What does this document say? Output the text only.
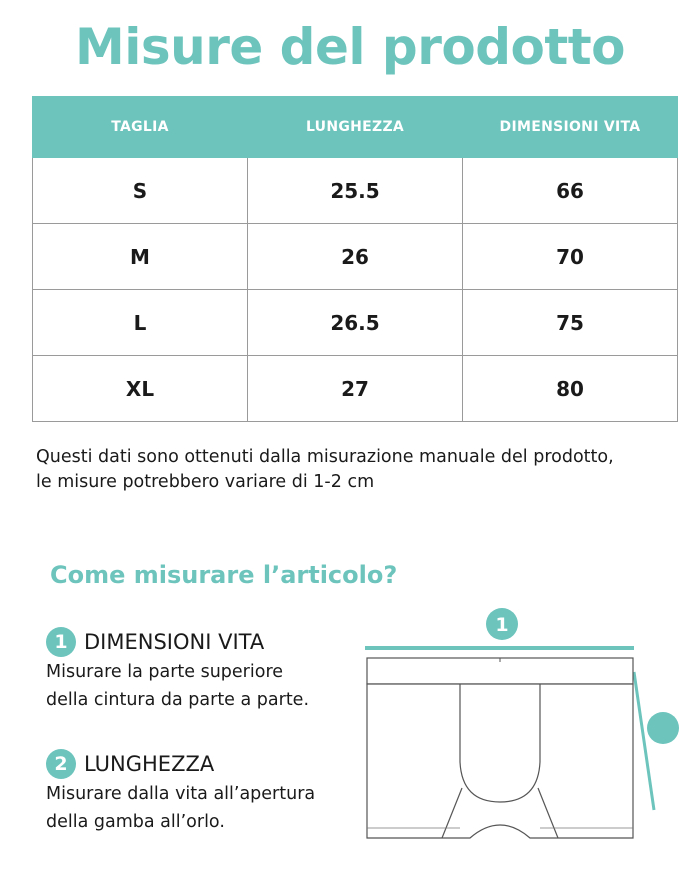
Misure del prodotto
TAGLIA	LUNGHEZZA	DIMENSIONI VITA
S	25.5	66
M	26	70
L	26.5	75
XL	27	80
Questi dati sono ottenuti dalla misurazione manuale del prodotto,
le misure potrebbero variare di 1-2 cm
Come misurare l’articolo?
1 DIMENSIONI VITA
Misurare la parte superiore
della cintura da parte a parte.
2 LUNGHEZZA
Misurare dalla vita all’apertura
della gamba all’orlo.
1
